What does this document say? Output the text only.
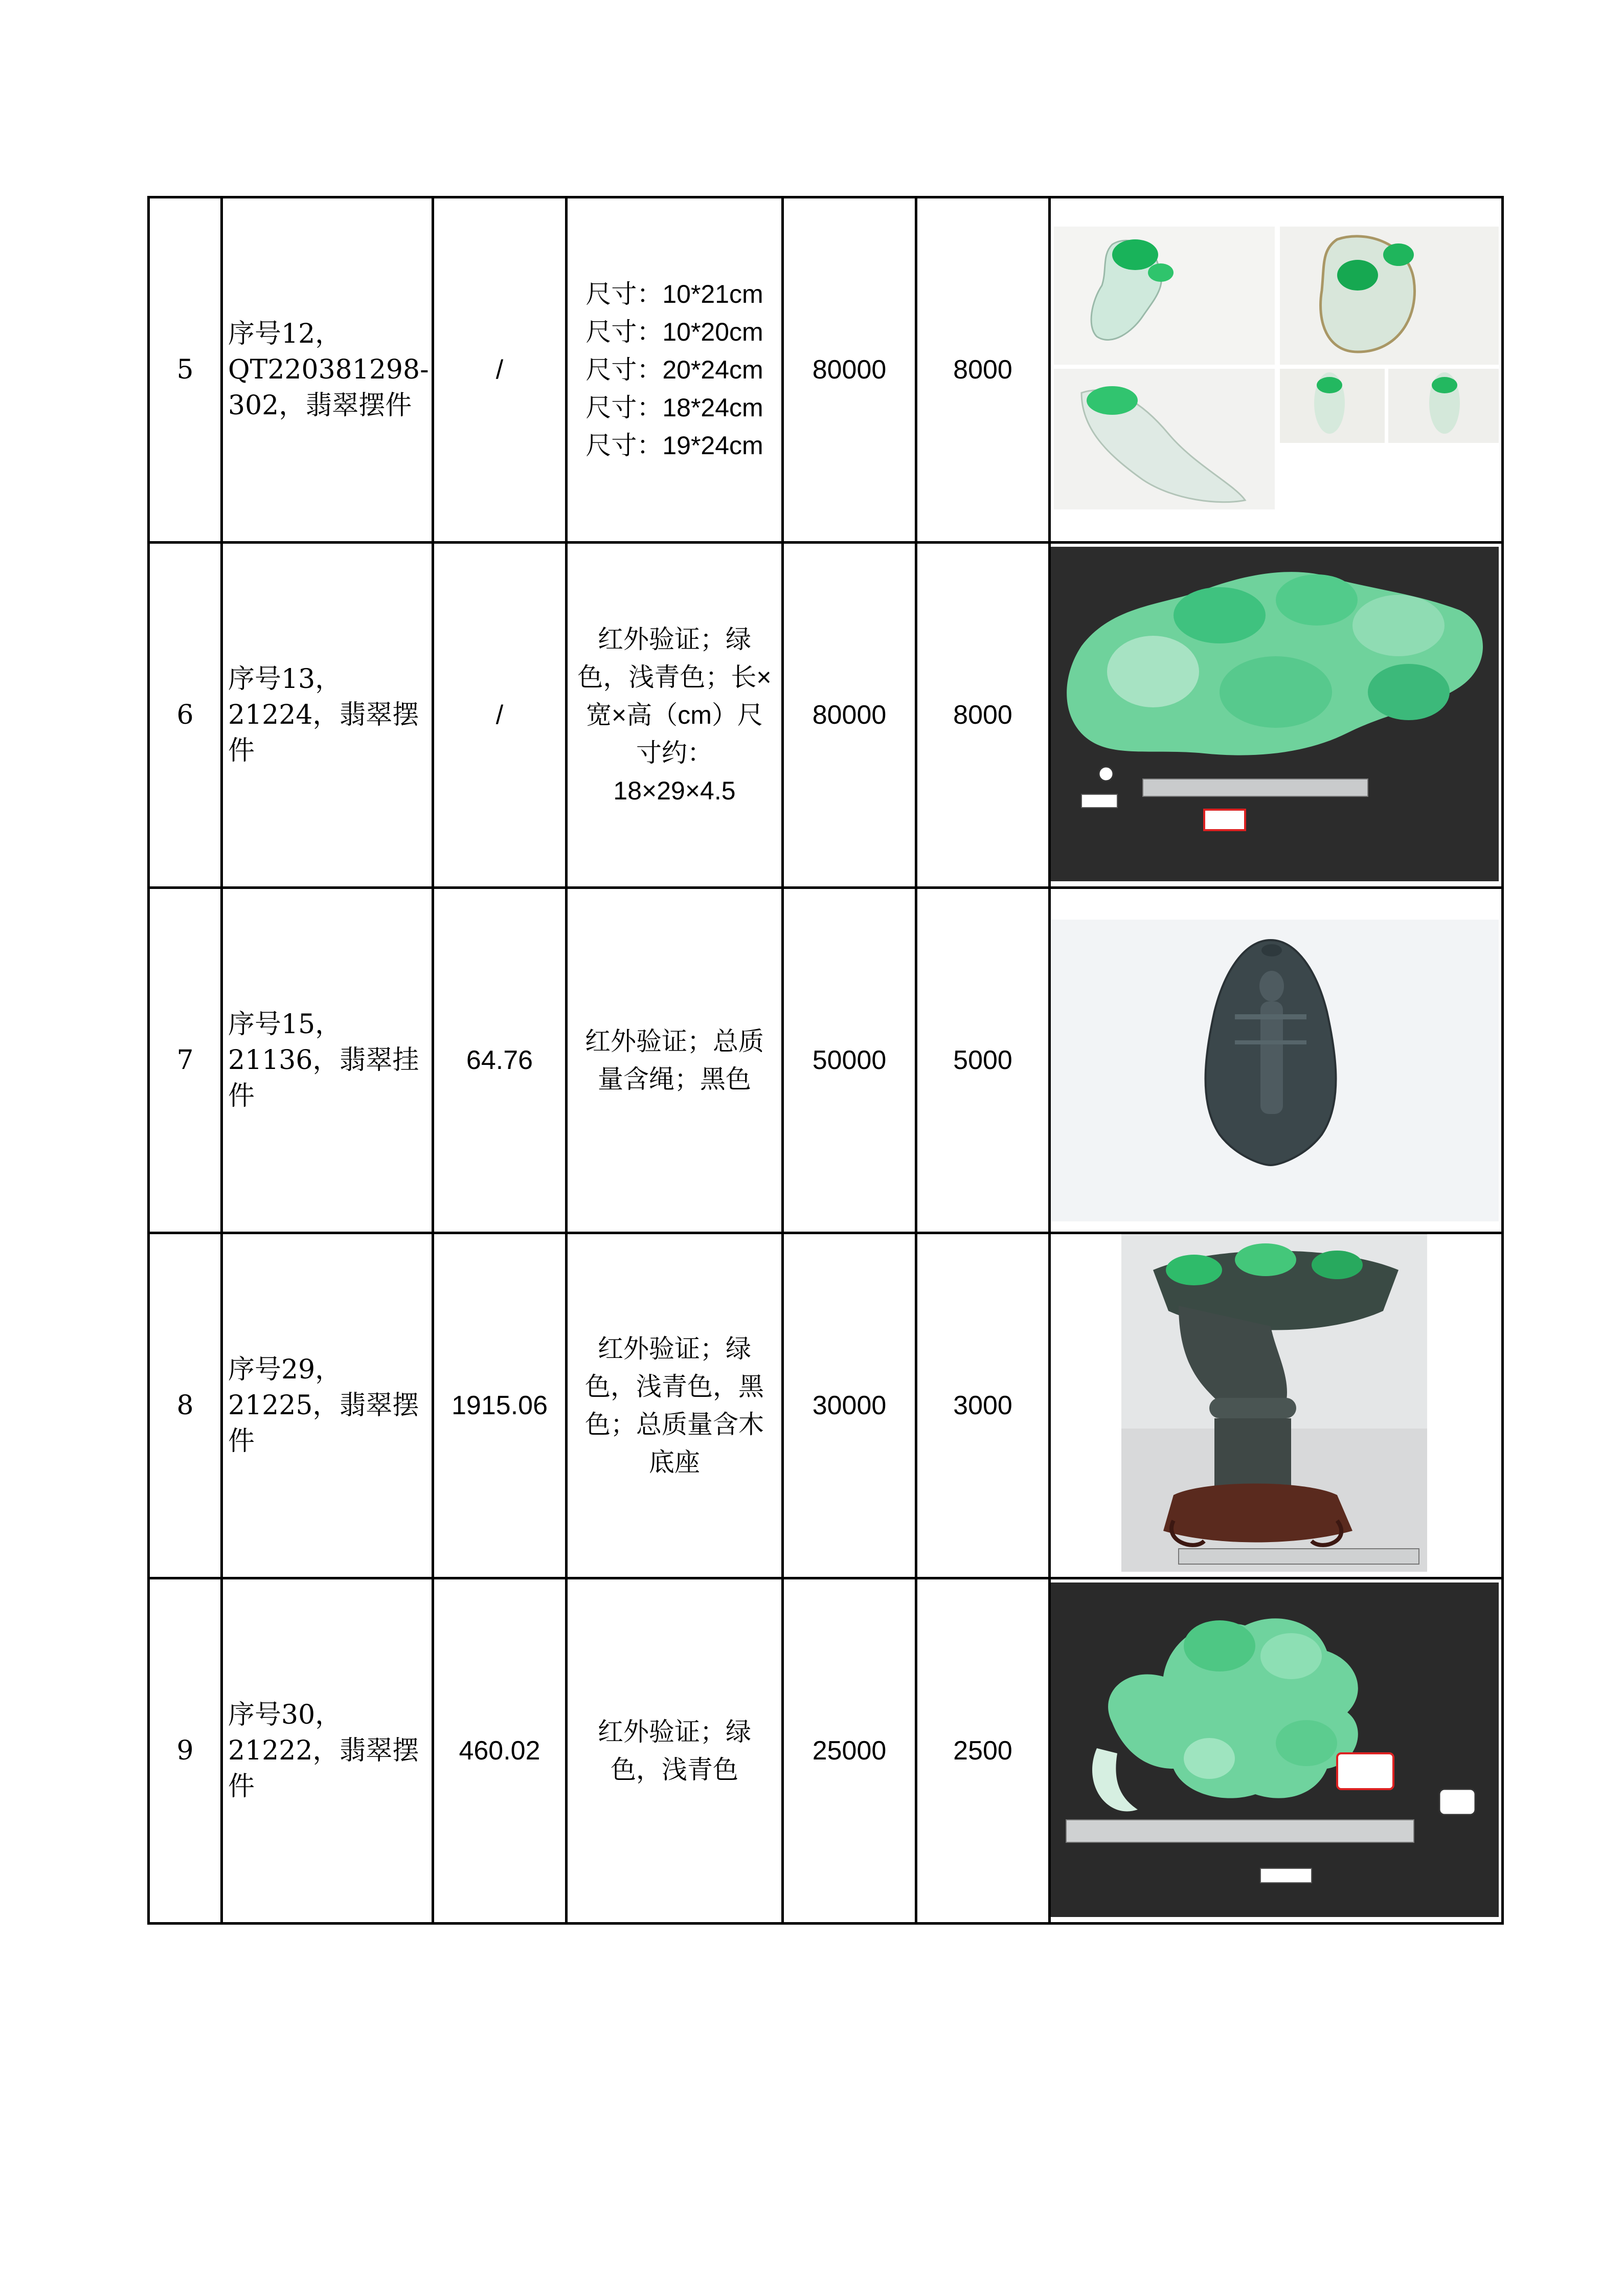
5	序号12，
QT220381298-
302，翡翠摆件	/	尺寸：10*21cm
尺寸：10*20cm
尺寸：20*24cm
尺寸：18*24cm
尺寸：19*24cm	80000	8000	

6	序号13，
21224，翡翠摆
件	/	红外验证；绿
色，浅青色；长×
宽×高（cm）尺
寸约：
18×29×4.5	80000	8000	

7	序号15，
21136，翡翠挂
件	64.76	红外验证；总质
量含绳；黑色	50000	5000	

8	序号29，
21225，翡翠摆
件	1915.06	红外验证；绿
色，浅青色，黑
色；总质量含木
底座	30000	3000	

9	序号30，
21222，翡翠摆
件	460.02	红外验证；绿
色，浅青色	25000	2500	
